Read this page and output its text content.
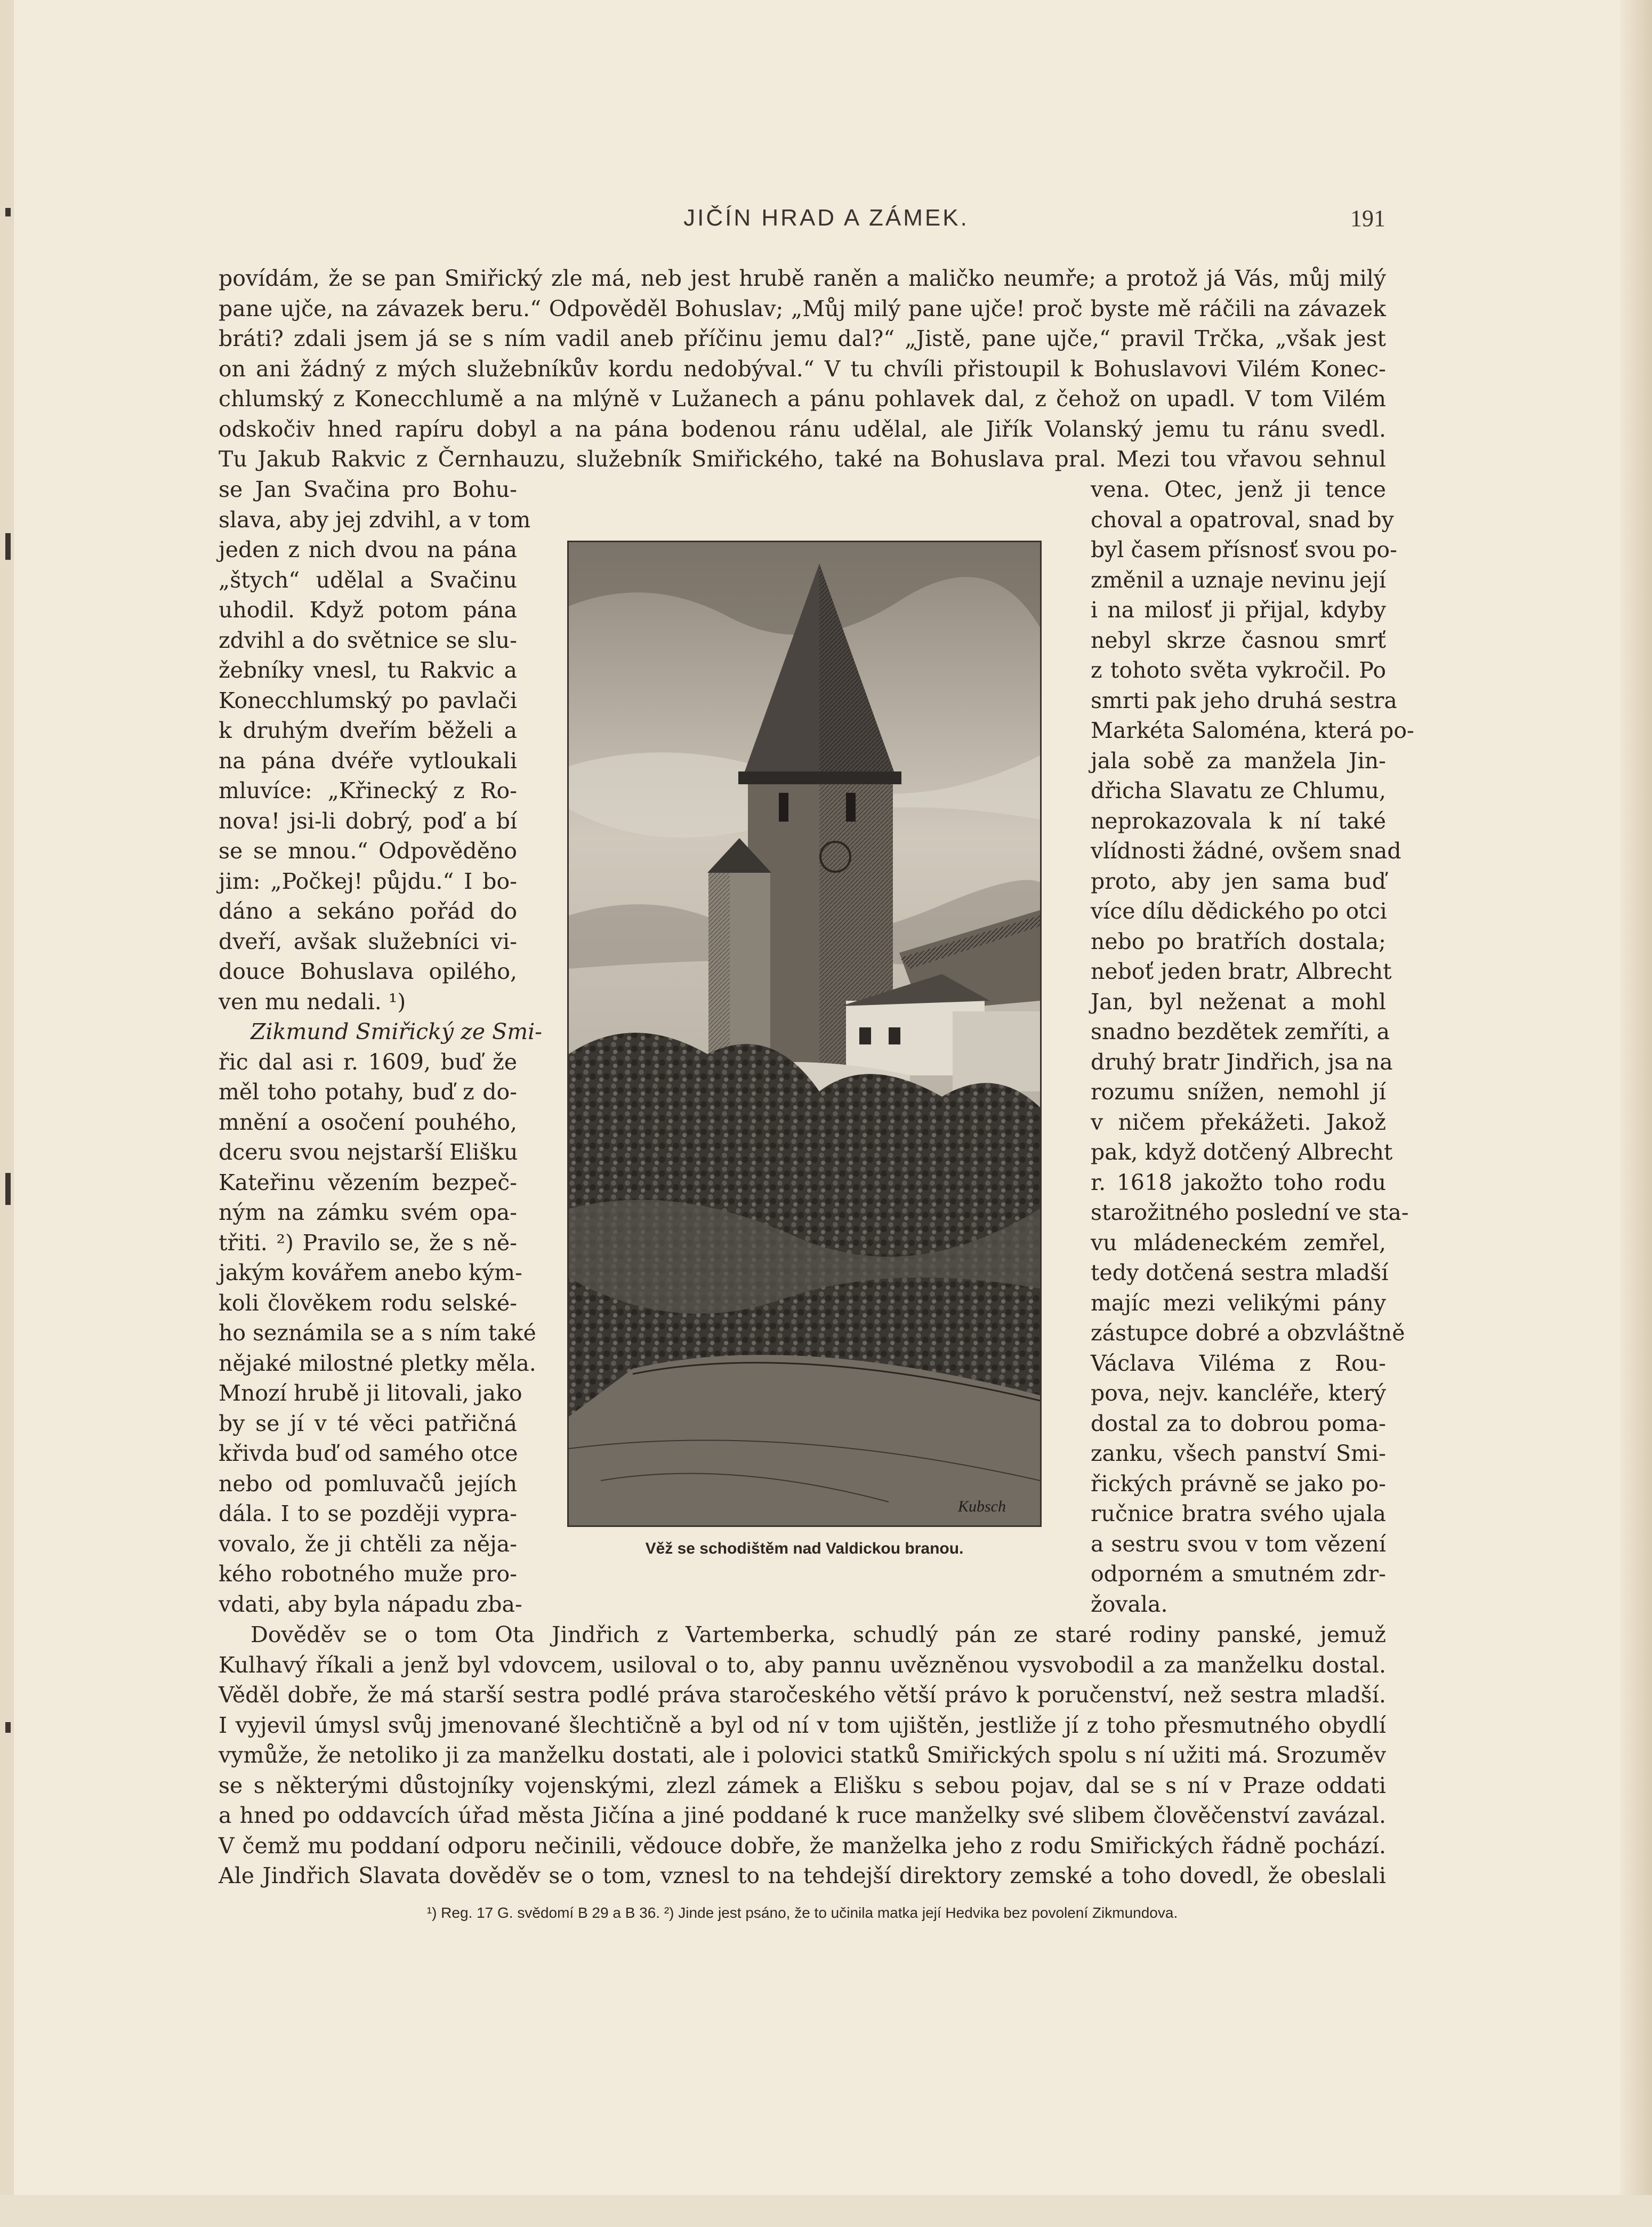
JIČÍN HRAD A ZÁMEK.	191
povídám, že se pan Smiřický zle má, neb jest hrubě raněn a maličko neumře; a protož já Vás, můj milý
pane ujče, na závazek beru.“ Odpověděl Bohuslav; „Můj milý pane ujče! proč byste mě ráčili na závazek
bráti? zdali jsem já se s ním vadil aneb příčinu jemu dal?“ „Jistě, pane ujče,“ pravil Trčka, „však jest
on ani žádný z mých služebníkův kordu nedobýval.“ V tu chvíli přistoupil k Bohuslavovi Vilém Konec-
chlumský z Konecchlumě a na mlýně v Lužanech a pánu pohlavek dal, z čehož on upadl. V tom Vilém
odskočiv hned rapíru dobyl a na pána bodenou ránu udělal, ale Jiřík Volanský jemu tu ránu svedl.
Tu Jakub Rakvic z Černhauzu, služebník Smiřického, také na Bohuslava pral. Mezi tou vřavou sehnul
se Jan Svačina pro Bohu-
slava, aby jej zdvihl, a v tom
jeden z nich dvou na pána
„štych“ udělal a Svačinu
uhodil. Když potom pána
zdvihl a do světnice se slu-
žebníky vnesl, tu Rakvic a
Konecchlumský po pavlači
k druhým dveřím běželi a
na pána dvéře vytloukali
mluvíce: „Křinecký z Ro-
nova! jsi-li dobrý, poď a bí
se se mnou.“ Odpověděno
jim: „Počkej! půjdu.“ I bo-
dáno a sekáno pořád do
dveří, avšak služebníci vi-
douce Bohuslava opilého,
ven mu nedali. ¹)
Zikmund Smiřický ze Smi-
řic dal asi r. 1609, buď že
měl toho potahy, buď z do-
mnění a osočení pouhého,
dceru svou nejstarší Elišku
Kateřinu vězením bezpeč-
ným na zámku svém opa-
třiti. ²) Pravilo se, že s ně-
jakým kovářem anebo kým-
koli člověkem rodu selské-
ho seznámila se a s ním také
nějaké milostné pletky měla.
Mnozí hrubě ji litovali, jako
by se jí v té věci patřičná
křivda buď od samého otce
nebo od pomluvačů jejích
dála. I to se později vypra-
vovalo, že ji chtěli za něja-
kého robotného muže pro-
vdati, aby byla nápadu zba-
Kubsch
Věž se schodištěm nad Valdickou branou.
vena. Otec, jenž ji tence
choval a opatroval, snad by
byl časem přísnosť svou po-
změnil a uznaje nevinu její
i na milosť ji přijal, kdyby
nebyl skrze časnou smrť
z tohoto světa vykročil. Po
smrti pak jeho druhá sestra
Markéta Saloména, která po-
jala sobě za manžela Jin-
dřicha Slavatu ze Chlumu,
neprokazovala k ní také
vlídnosti žádné, ovšem snad
proto, aby jen sama buď
více dílu dědického po otci
nebo po bratřích dostala;
neboť jeden bratr, Albrecht
Jan, byl neženat a mohl
snadno bezdětek zemříti, a
druhý bratr Jindřich, jsa na
rozumu snížen, nemohl jí
v ničem překážeti. Jakož
pak, když dotčený Albrecht
r. 1618 jakožto toho rodu
starožitného poslední ve sta-
vu mládeneckém zemřel,
tedy dotčená sestra mladší
majíc mezi velikými pány
zástupce dobré a obzvláštně
Václava Viléma z Rou-
pova, nejv. kancléře, který
dostal za to dobrou poma-
zanku, všech panství Smi-
řických právně se jako po-
ručnice bratra svého ujala
a sestru svou v tom vězení
odporném a smutném zdr-
žovala.
Dověděv se o tom Ota Jindřich z Vartemberka, schudlý pán ze staré rodiny panské, jemuž
Kulhavý říkali a jenž byl vdovcem, usiloval o to, aby pannu uvězněnou vysvobodil a za manželku dostal.
Věděl dobře, že má starší sestra podlé práva staročeského větší právo k poručenství, než sestra mladší.
I vyjevil úmysl svůj jmenované šlechtičně a byl od ní v tom ujištěn, jestliže jí z toho přesmutného obydlí
vymůže, že netoliko ji za manželku dostati, ale i polovici statků Smiřických spolu s ní užiti má. Srozuměv
se s některými důstojníky vojenskými, zlezl zámek a Elišku s sebou pojav, dal se s ní v Praze oddati
a hned po oddavcích úřad města Jičína a jiné poddané k ruce manželky své slibem člověčenství zavázal.
V čemž mu poddaní odporu nečinili, vědouce dobře, že manželka jeho z rodu Smiřických řádně pochází.
Ale Jindřich Slavata dověděv se o tom, vznesl to na tehdejší direktory zemské a toho dovedl, že obeslali
¹) Reg. 17 G. svědomí B 29 a B 36. ²) Jinde jest psáno, že to učinila matka její Hedvika bez povolení Zikmundova.
